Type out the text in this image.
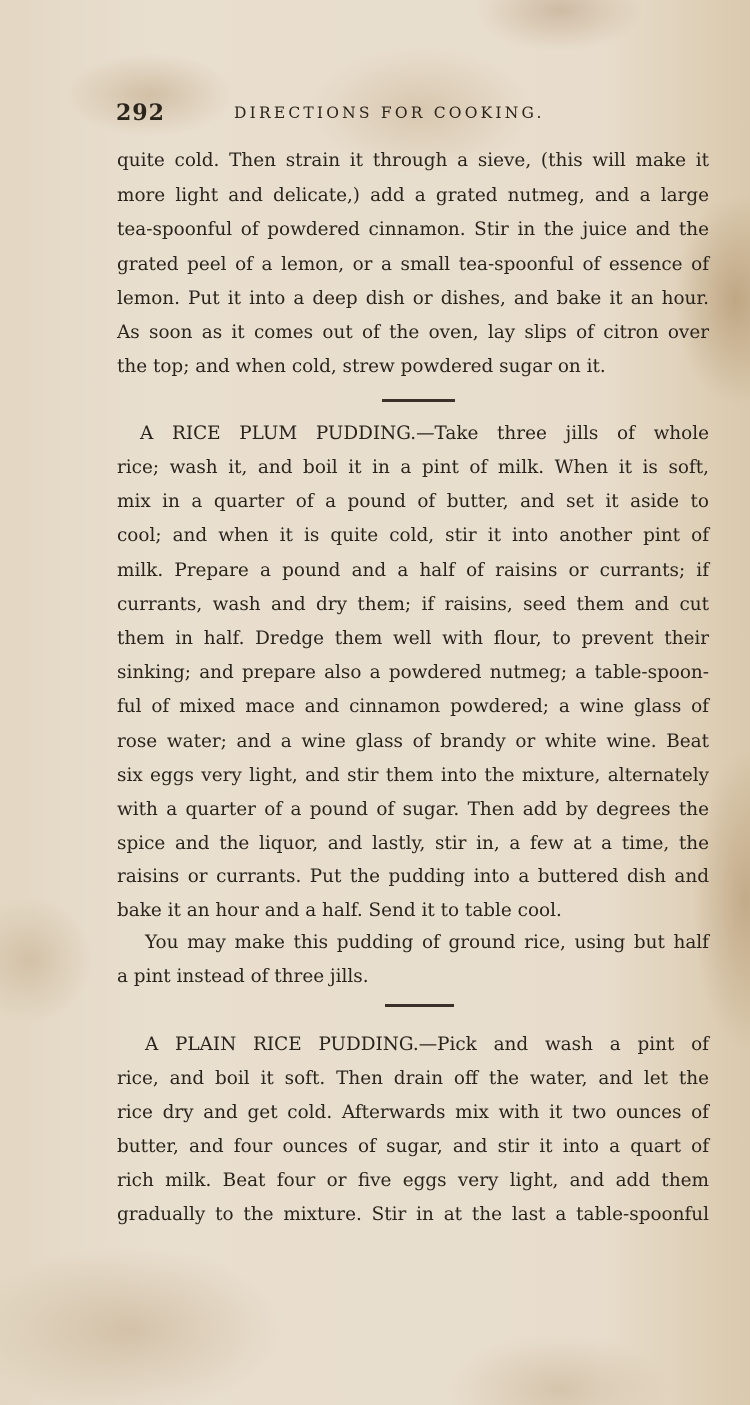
292	DIRECTIONS FOR COOKING.
quite cold. Then strain it through a sieve, (this will make it
more light and delicate,) add a grated nutmeg, and a large
tea-spoonful of powdered cinnamon. Stir in the juice and the
grated peel of a lemon, or a small tea-spoonful of essence of
lemon. Put it into a deep dish or dishes, and bake it an hour.
As soon as it comes out of the oven, lay slips of citron over
the top; and when cold, strew powdered sugar on it.
A RICE PLUM PUDDING.—Take three jills of whole
rice; wash it, and boil it in a pint of milk. When it is soft,
mix in a quarter of a pound of butter, and set it aside to
cool; and when it is quite cold, stir it into another pint of
milk. Prepare a pound and a half of raisins or currants; if
currants, wash and dry them; if raisins, seed them and cut
them in half. Dredge them well with flour, to prevent their
sinking; and prepare also a powdered nutmeg; a table-spoon-
ful of mixed mace and cinnamon powdered; a wine glass of
rose water; and a wine glass of brandy or white wine. Beat
six eggs very light, and stir them into the mixture, alternately
with a quarter of a pound of sugar. Then add by degrees the
spice and the liquor, and lastly, stir in, a few at a time, the
raisins or currants. Put the pudding into a buttered dish and
bake it an hour and a half. Send it to table cool.
You may make this pudding of ground rice, using but half
a pint instead of three jills.
A PLAIN RICE PUDDING.—Pick and wash a pint of
rice, and boil it soft. Then drain off the water, and let the
rice dry and get cold. Afterwards mix with it two ounces of
butter, and four ounces of sugar, and stir it into a quart of
rich milk. Beat four or five eggs very light, and add them
gradually to the mixture. Stir in at the last a table-spoonful
